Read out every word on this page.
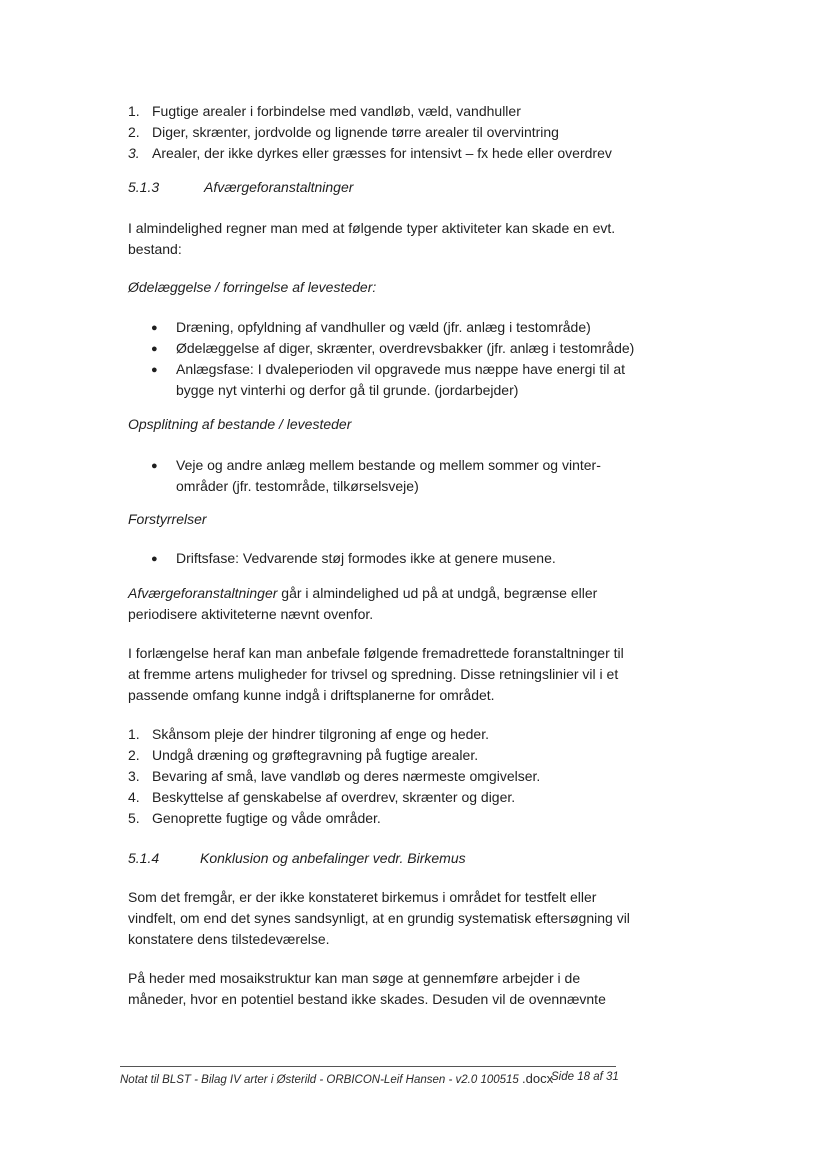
1. Fugtige arealer i forbindelse med vandløb, væld, vandhuller
2. Diger, skrænter, jordvolde og lignende tørre arealer til overvintring
3. Arealer, der ikke dyrkes eller græsses for intensivt – fx hede eller overdrev
5.1.3	Afværgeforanstaltninger
I almindelighed regner man med at følgende typer aktiviteter kan skade en evt.
bestand:
Ødelæggelse / forringelse af levesteder:
● Dræning, opfyldning af vandhuller og væld (jfr. anlæg i testområde)
● Ødelæggelse af diger, skrænter, overdrevsbakker (jfr. anlæg i testområde)
● Anlægsfase: I dvaleperioden vil opgravede mus næppe have energi til at
bygge nyt vinterhi og derfor gå til grunde. (jordarbejder)
Opsplitning af bestande / levesteder
● Veje og andre anlæg mellem bestande og mellem sommer og vinter-
områder (jfr. testområde, tilkørselsveje)
Forstyrrelser
● Driftsfase: Vedvarende støj formodes ikke at genere musene.
Afværgeforanstaltninger går i almindelighed ud på at undgå, begrænse eller
periodisere aktiviteterne nævnt ovenfor.
I forlængelse heraf kan man anbefale følgende fremadrettede foranstaltninger til
at fremme artens muligheder for trivsel og spredning. Disse retningslinier vil i et
passende omfang kunne indgå i driftsplanerne for området.
1. Skånsom pleje der hindrer tilgroning af enge og heder.
2. Undgå dræning og grøftegravning på fugtige arealer.
3. Bevaring af små, lave vandløb og deres nærmeste omgivelser.
4. Beskyttelse af genskabelse af overdrev, skrænter og diger.
5. Genoprette fugtige og våde områder.
5.1.4	Konklusion og anbefalinger vedr. Birkemus
Som det fremgår, er der ikke konstateret birkemus i området for testfelt eller
vindfelt, om end det synes sandsynligt, at en grundig systematisk eftersøgning vil
konstatere dens tilstedeværelse.
På heder med mosaikstruktur kan man søge at gennemføre arbejder i de
måneder, hvor en potentiel bestand ikke skades. Desuden vil de ovennævnte
Notat til BLST - Bilag IV arter i Østerild - ORBICON-Leif Hansen - v2.0 100515 .docx
Side 18 af 31
